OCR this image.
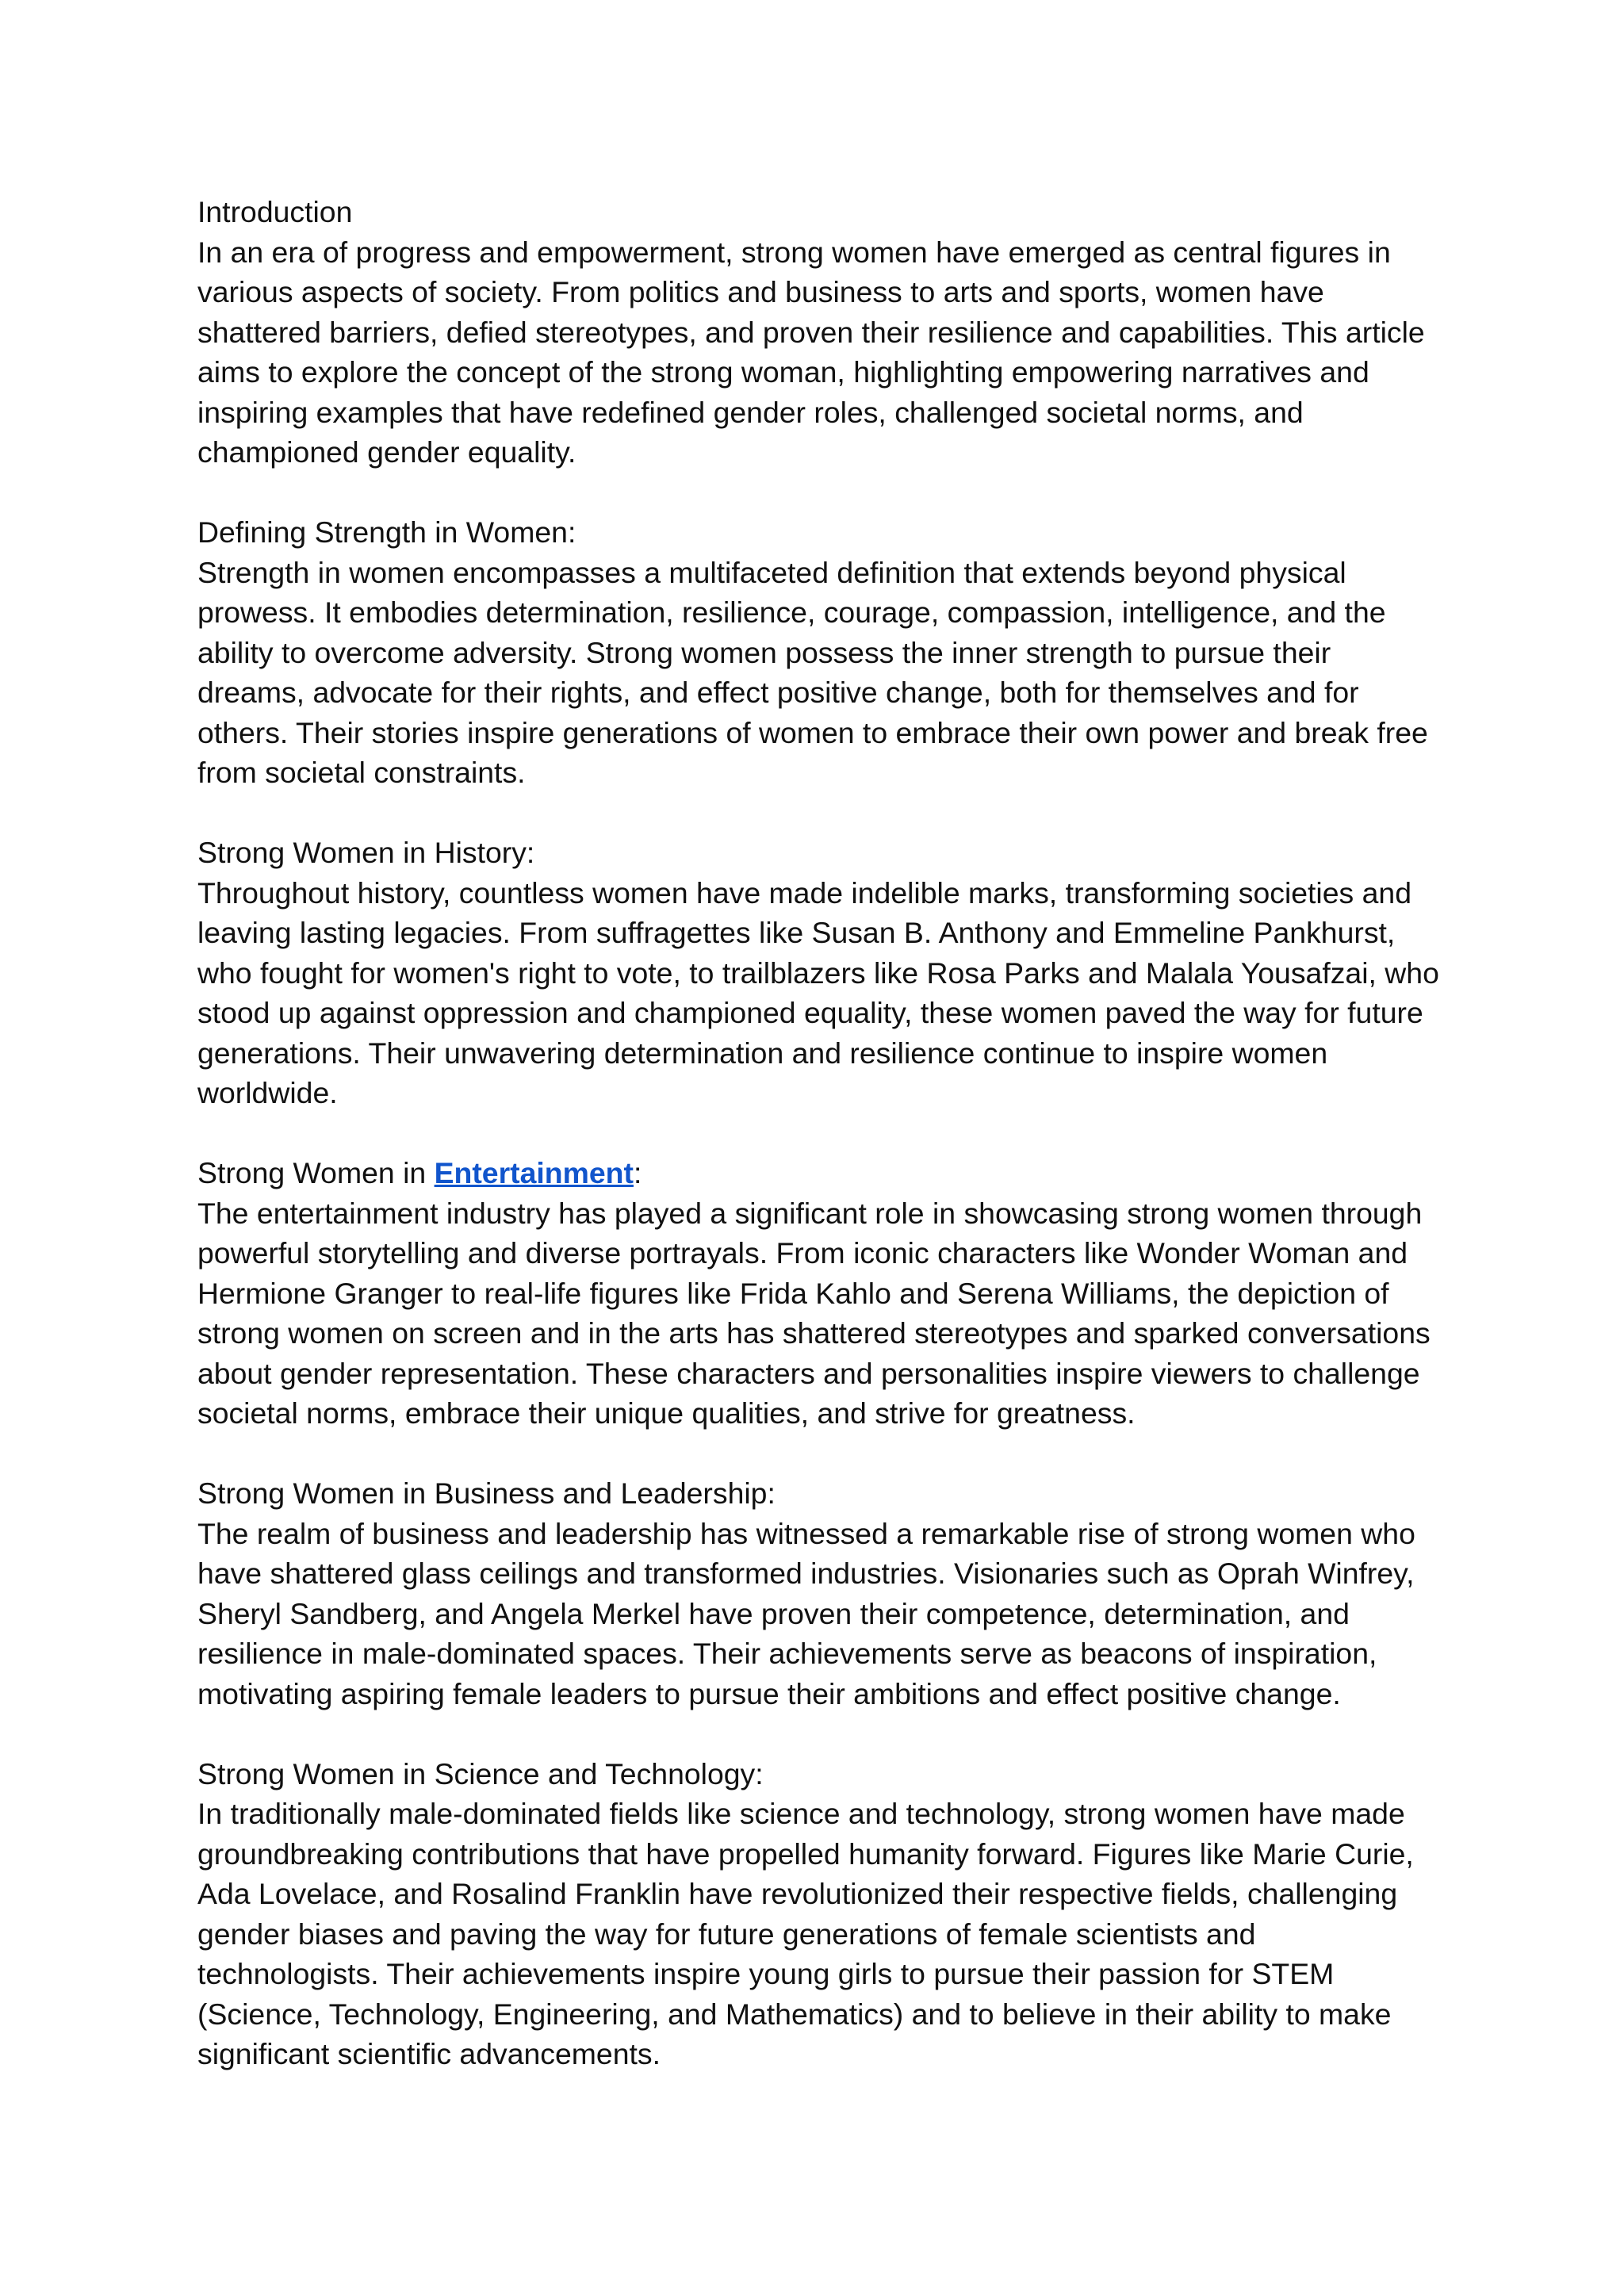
Introduction

In an era of progress and empowerment, strong women have emerged as central figures in various aspects of society. From politics and business to arts and sports, women have shattered barriers, defied stereotypes, and proven their resilience and capabilities. This article aims to explore the concept of the strong woman, highlighting empowering narratives and inspiring examples that have redefined gender roles, challenged societal norms, and championed gender equality.

Defining Strength in Women:

Strength in women encompasses a multifaceted definition that extends beyond physical prowess. It embodies determination, resilience, courage, compassion, intelligence, and the ability to overcome adversity. Strong women possess the inner strength to pursue their dreams, advocate for their rights, and effect positive change, both for themselves and for others. Their stories inspire generations of women to embrace their own power and break free from societal constraints.

Strong Women in History:

Throughout history, countless women have made indelible marks, transforming societies and leaving lasting legacies. From suffragettes like Susan B. Anthony and Emmeline Pankhurst, who fought for women's right to vote, to trailblazers like Rosa Parks and Malala Yousafzai, who stood up against oppression and championed equality, these women paved the way for future generations. Their unwavering determination and resilience continue to inspire women worldwide.

Strong Women in Entertainment:

The entertainment industry has played a significant role in showcasing strong women through powerful storytelling and diverse portrayals. From iconic characters like Wonder Woman and Hermione Granger to real-life figures like Frida Kahlo and Serena Williams, the depiction of strong women on screen and in the arts has shattered stereotypes and sparked conversations about gender representation. These characters and personalities inspire viewers to challenge societal norms, embrace their unique qualities, and strive for greatness.

Strong Women in Business and Leadership:

The realm of business and leadership has witnessed a remarkable rise of strong women who have shattered glass ceilings and transformed industries. Visionaries such as Oprah Winfrey, Sheryl Sandberg, and Angela Merkel have proven their competence, determination, and resilience in male-dominated spaces. Their achievements serve as beacons of inspiration, motivating aspiring female leaders to pursue their ambitions and effect positive change.

Strong Women in Science and Technology:

In traditionally male-dominated fields like science and technology, strong women have made groundbreaking contributions that have propelled humanity forward. Figures like Marie Curie, Ada Lovelace, and Rosalind Franklin have revolutionized their respective fields, challenging gender biases and paving the way for future generations of female scientists and technologists. Their achievements inspire young girls to pursue their passion for STEM (Science, Technology, Engineering, and Mathematics) and to believe in their ability to make significant scientific advancements.
